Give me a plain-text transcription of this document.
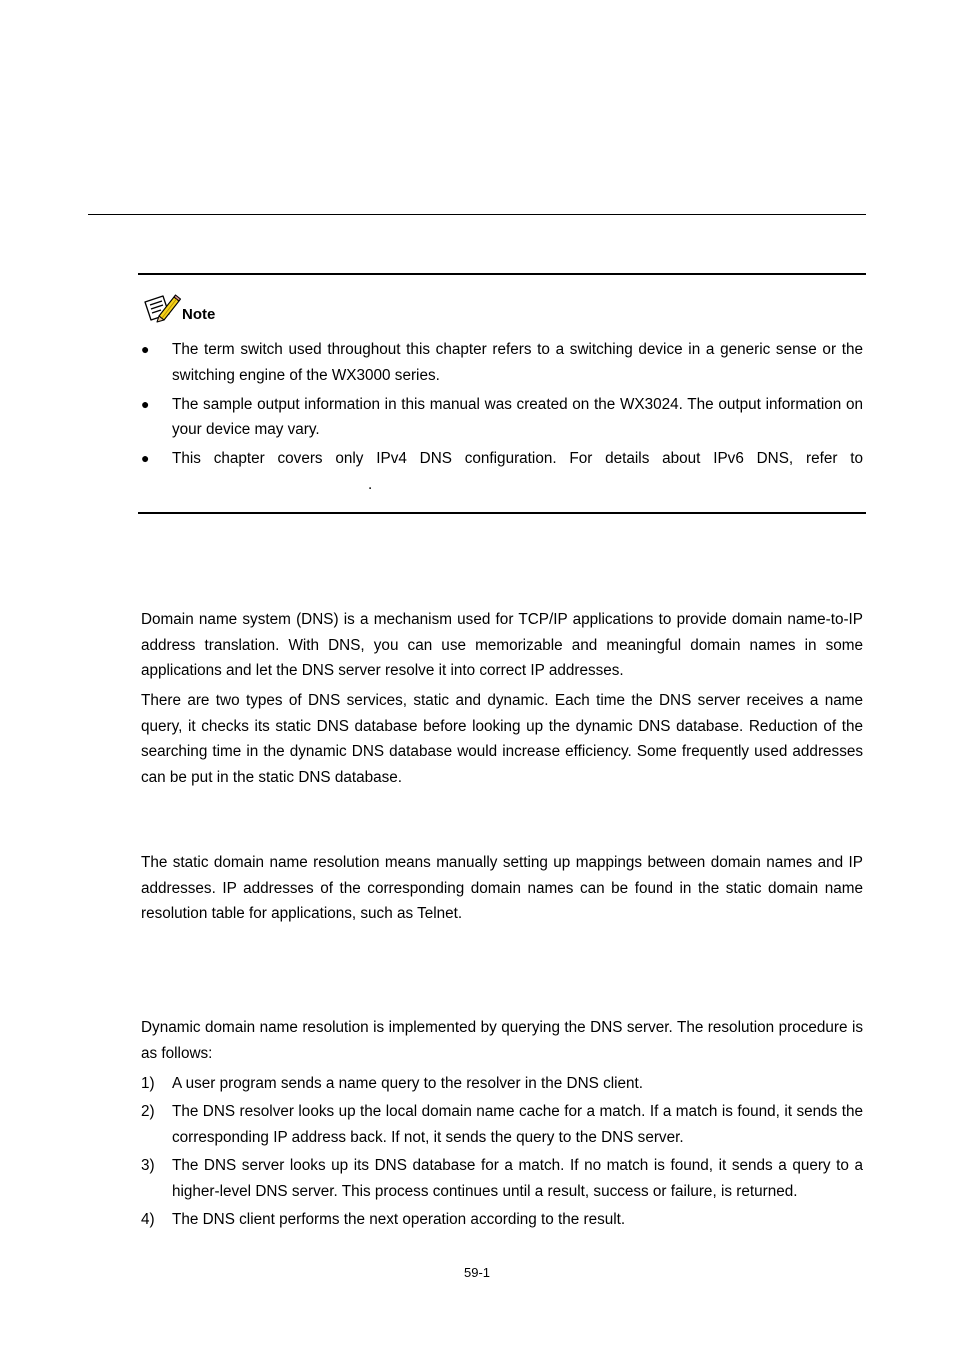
Note
● The term switch used throughout this chapter refers to a switching device in a generic sense or the switching engine of the WX3000 series.
● The sample output information in this manual was created on the WX3024. The output information on your device may vary.
● This chapter covers only IPv4 DNS configuration. For details about IPv6 DNS, refer to
.

Domain name system (DNS) is a mechanism used for TCP/IP applications to provide domain name-to-IP address translation. With DNS, you can use memorizable and meaningful domain names in some applications and let the DNS server resolve it into correct IP addresses.

There are two types of DNS services, static and dynamic. Each time the DNS server receives a name query, it checks its static DNS database before looking up the dynamic DNS database. Reduction of the searching time in the dynamic DNS database would increase efficiency. Some frequently used addresses can be put in the static DNS database.

The static domain name resolution means manually setting up mappings between domain names and IP addresses. IP addresses of the corresponding domain names can be found in the static domain name resolution table for applications, such as Telnet.

Dynamic domain name resolution is implemented by querying the DNS server. The resolution procedure is as follows:

1) A user program sends a name query to the resolver in the DNS client.
2) The DNS resolver looks up the local domain name cache for a match. If a match is found, it sends the corresponding IP address back. If not, it sends the query to the DNS server.
3) The DNS server looks up its DNS database for a match. If no match is found, it sends a query to a higher-level DNS server. This process continues until a result, success or failure, is returned.
4) The DNS client performs the next operation according to the result.
59-1
